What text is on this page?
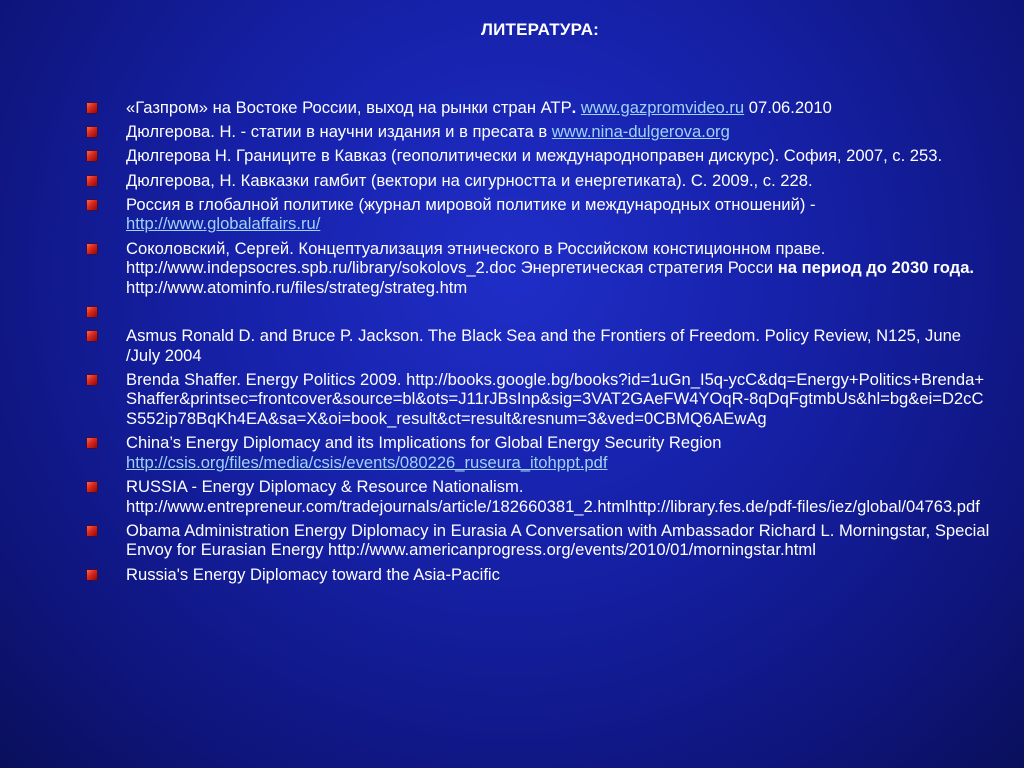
ЛИТЕРАТУРА:
«Газпром» на Востоке России, выход на рынки стран АТР. www.gazpromvideo.ru 07.06.2010
Дюлгерова. Н. - статии в научни издания и в пресата в www.nina-dulgerova.org
Дюлгерова Н. Границите в Кавказ (геополитически и международноправен дискурс). София, 2007, с. 253.
Дюлгерова, Н. Кавказки гамбит (вектори на сигурността и енергетиката). С. 2009., с. 228.
Россия в глобалной политике (журнал мировой политике и международных отношений) - http://www.globalaffairs.ru/
Соколовский, Сергей. Концептуализация этнического в Российском констиционном праве. http://www.indepsocres.spb.ru/library/sokolovs_2.doc Энергетическая стратегия Росси на период до 2030 года. http://www.atominfo.ru/files/strateg/strateg.htm
Asmus Ronald D. and Bruce P. Jackson. The Black Sea and the Frontiers of Freedom. Policy Review, N125, June /July 2004
Brenda Shaffer. Energy Politics 2009. http://books.google.bg/books?id=1uGn_I5q-ycC&dq=Energy+Politics+Brenda+Shaffer&printsec=frontcover&source=bl&ots=J11rJBsInp&sig=3VAT2GAeFW4YOqR-8qDqFgtmbUs&hl=bg&ei=D2cCS552ip78BqKh4EA&sa=X&oi=book_result&ct=result&resnum=3&ved=0CBMQ6AEwAg
China’s Energy Diplomacy and its Implications for Global Energy Security Region http://csis.org/files/media/csis/events/080226_ruseura_itohppt.pdf
RUSSIA - Energy Diplomacy & Resource Nationalism. http://www.entrepreneur.com/tradejournals/article/182660381_2.htmlhttp://library.fes.de/pdf-files/iez/global/04763.pdf
Obama Administration Energy Diplomacy in Eurasia A Conversation with Ambassador Richard L. Morningstar, Special Envoy for Eurasian Energy http://www.americanprogress.org/events/2010/01/morningstar.html
Russia's Energy Diplomacy toward the Asia-Pacific
